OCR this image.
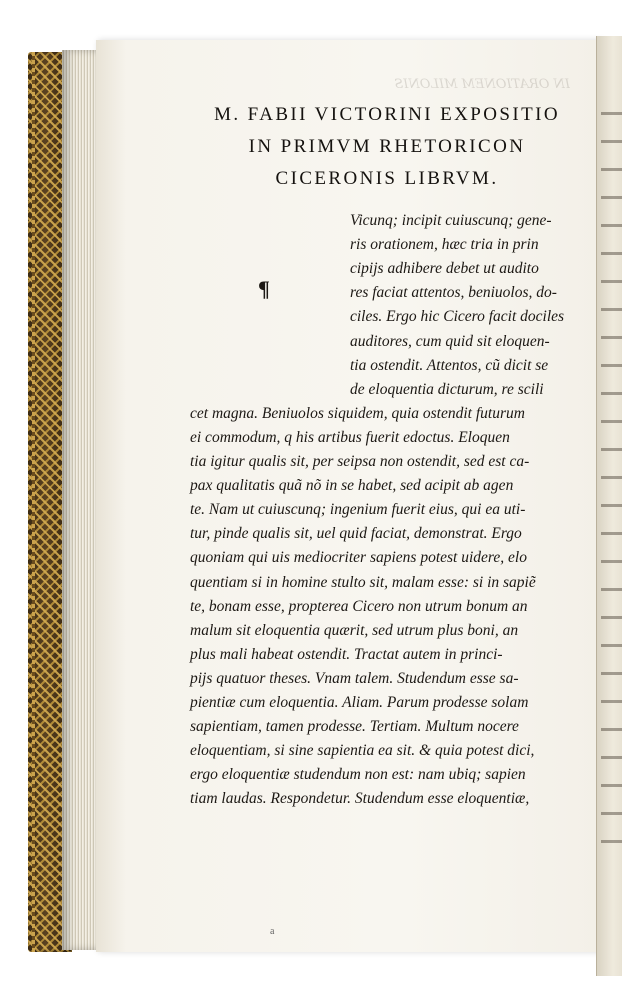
IN ORATIONEM MILONIS
M. FABII VICTORINI EXPOSITIO
IN PRIMVM RHETORICON
CICERONIS LIBRVM.
¶
Vicunq; incipit cuiuscunq; gene-
ris orationem, hæc tria in prin
cipijs adhibere debet ut audito
res faciat attentos, beniuolos, do-
ciles. Ergo hic Cicero facit dociles
auditores, cum quid sit eloquen-
tia ostendit. Attentos, cũ dicit se
de eloquentia dicturum, re scili
cet magna. Beniuolos siquidem, quia ostendit futurum
ei commodum, q his artibus fuerit edoctus. Eloquen
tia igitur qualis sit, per seipsa non ostendit, sed est ca-
pax qualitatis quã nõ in se habet, sed acipit ab agen
te. Nam ut cuiuscunq; ingenium fuerit eius, qui ea uti-
tur, pinde qualis sit, uel quid faciat, demonstrat. Ergo
quoniam qui uis mediocriter sapiens potest uidere, elo
quentiam si in homine stulto sit, malam esse: si in sapiẽ
te, bonam esse, propterea Cicero non utrum bonum an
malum sit eloquentia quærit, sed utrum plus boni, an
plus mali habeat ostendit. Tractat autem in princi-
pijs quatuor theses. Vnam talem. Studendum esse sa-
pientiæ cum eloquentia. Aliam. Parum prodesse solam
sapientiam, tamen prodesse. Tertiam. Multum nocere
eloquentiam, si sine sapientia ea sit. & quia potest dici,
ergo eloquentiæ studendum non est: nam ubiq; sapien
tiam laudas. Respondetur. Studendum esse eloquentiæ,
a
